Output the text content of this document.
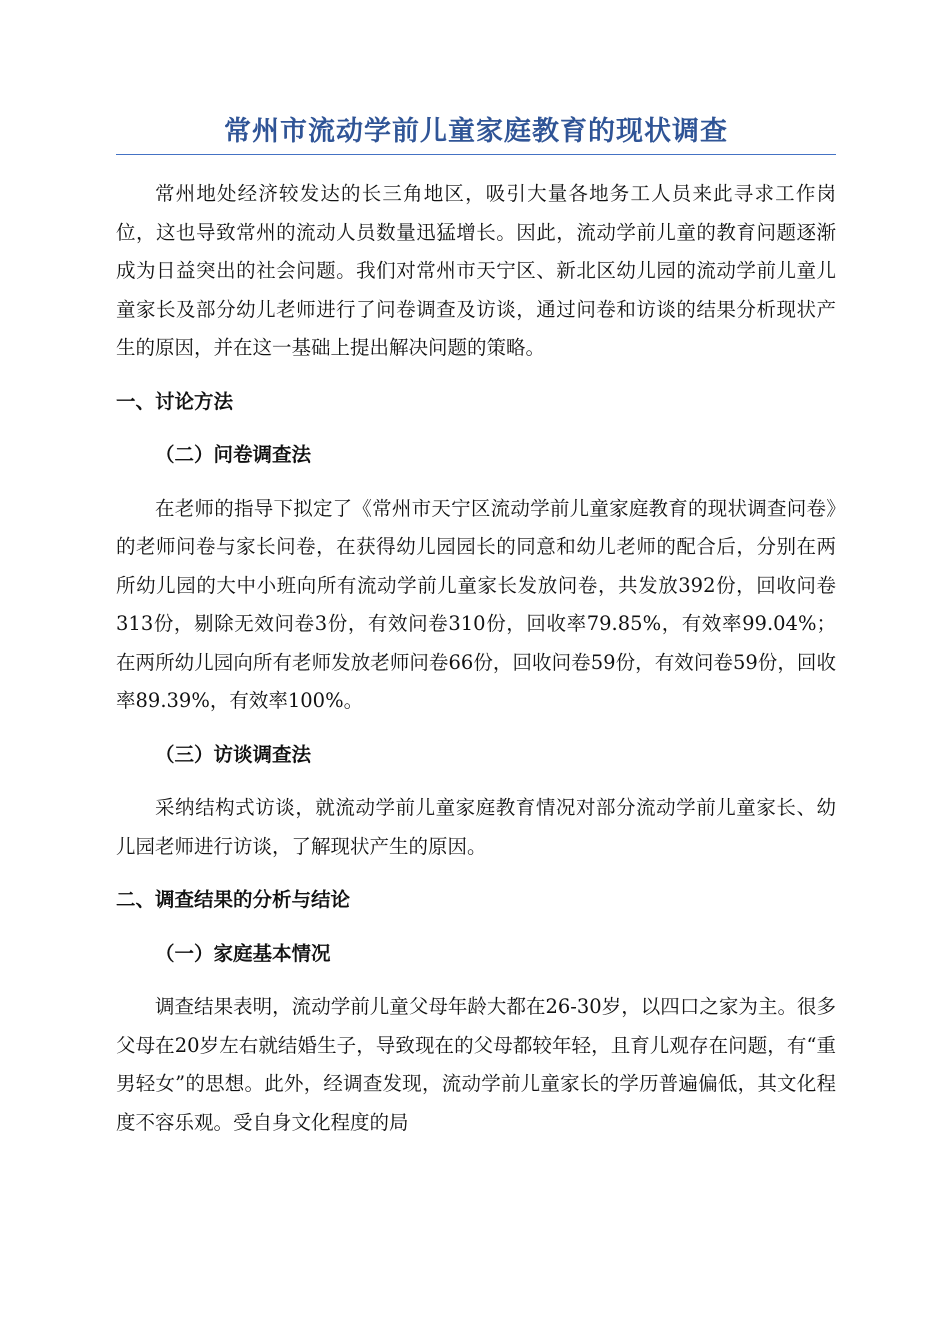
常州市流动学前儿童家庭教育的现状调查

常州地处经济较发达的长三角地区，吸引大量各地务工人员来此寻求工作岗位，这也导致常州的流动人员数量迅猛增长。因此，流动学前儿童的教育问题逐渐成为日益突出的社会问题。我们对常州市天宁区、新北区幼儿园的流动学前儿童儿童家长及部分幼儿老师进行了问卷调查及访谈，通过问卷和访谈的结果分析现状产生的原因，并在这一基础上提出解决问题的策略。

一、讨论方法
（二）问卷调查法

在老师的指导下拟定了《常州市天宁区流动学前儿童家庭教育的现状调查问卷》的老师问卷与家长问卷，在获得幼儿园园长的同意和幼儿老师的配合后，分别在两所幼儿园的大中小班向所有流动学前儿童家长发放问卷，共发放392份，回收问卷313份，剔除无效问卷3份，有效问卷310份，回收率79.85%，有效率99.04%；在两所幼儿园向所有老师发放老师问卷66份，回收问卷59份，有效问卷59份，回收率89.39%，有效率100%。

（三）访谈调查法

采纳结构式访谈，就流动学前儿童家庭教育情况对部分流动学前儿童家长、幼儿园老师进行访谈，了解现状产生的原因。

二、调查结果的分析与结论
（一）家庭基本情况

调查结果表明，流动学前儿童父母年龄大都在26-30岁，以四口之家为主。很多父母在20岁左右就结婚生子，导致现在的父母都较年轻，且育儿观存在问题，有“重男轻女”的思想。此外，经调查发现，流动学前儿童家长的学历普遍偏低，其文化程度不容乐观。受自身文化程度的局
